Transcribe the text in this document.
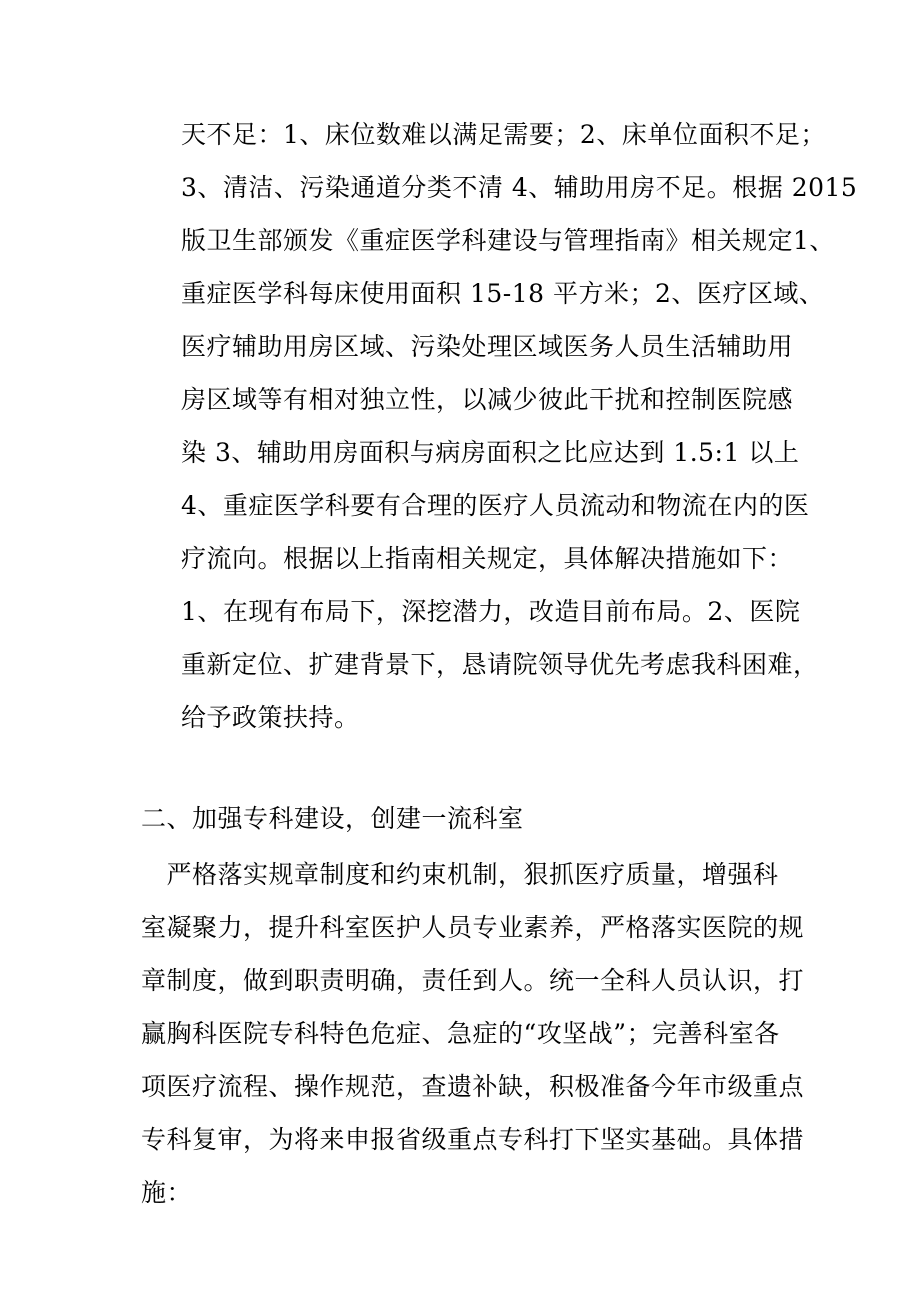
天不足：1、床位数难以满足需要；2、床单位面积不足；
3、清洁、污染通道分类不清 4、辅助用房不足。根据 2015
版卫生部颁发《重症医学科建设与管理指南》相关规定1、
重症医学科每床使用面积 15-18 平方米；2、医疗区域、
医疗辅助用房区域、污染处理区域医务人员生活辅助用
房区域等有相对独立性，以减少彼此干扰和控制医院感
染 3、辅助用房面积与病房面积之比应达到 1.5:1 以上
4、重症医学科要有合理的医疗人员流动和物流在内的医
疗流向。根据以上指南相关规定，具体解决措施如下：
1、在现有布局下，深挖潜力，改造目前布局。2、医院
重新定位、扩建背景下，恳请院领导优先考虑我科困难，
给予政策扶持。
二、加强专科建设，创建一流科室
　严格落实规章制度和约束机制，狠抓医疗质量，增强科
室凝聚力，提升科室医护人员专业素养，严格落实医院的规
章制度，做到职责明确，责任到人。统一全科人员认识，打
赢胸科医院专科特色危症、急症的“攻坚战”；完善科室各
项医疗流程、操作规范，查遗补缺，积极准备今年市级重点
专科复审，为将来申报省级重点专科打下坚实基础。具体措
施：
